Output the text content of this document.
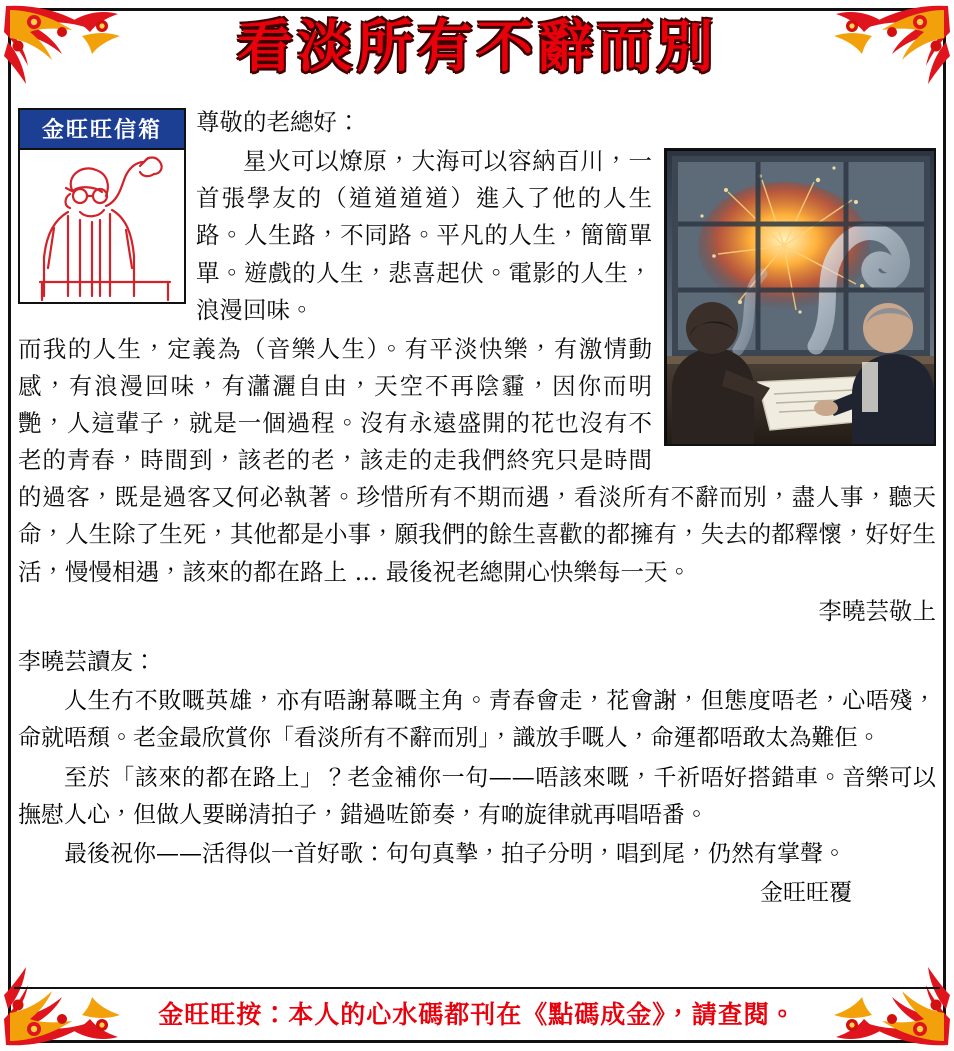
看淡所有不辭而別
金旺旺信箱	尊敬的老總好：

星火可以燎原，大海可以容納百川，一首張學友的（道道道道）進入了他的人生路。人生路，不同路。平凡的人生，簡簡單單。遊戲的人生，悲喜起伏。電影的人生，浪漫回味。

而我的人生，定義為（音樂人生）。有平淡快樂，有激情動感，有浪漫回味，有瀟灑自由，天空不再陰霾，因你而明艷，人這輩子，就是一個過程。沒有永遠盛開的花也沒有不老的青春，時間到，該老的老，該走的走我們終究只是時間的過客，既是過客又何必執著。珍惜所有不期而遇，看淡所有不辭而別，盡人事，聽天命，人生除了生死，其他都是小事，願我們的餘生喜歡的都擁有，失去的都釋懷，好好生活，慢慢相遇，該來的都在路上 … 最後祝老總開心快樂每一天。

李曉芸敬上

李曉芸讀友：

人生冇不敗嘅英雄，亦有唔謝幕嘅主角。青春會走，花會謝，但態度唔老，心唔殘，命就唔頹。老金最欣賞你「看淡所有不辭而別」，識放手嘅人，命運都唔敢太為難佢。

至於「該來的都在路上」？老金補你一句——唔該來嘅，千祈唔好搭錯車。音樂可以撫慰人心，但做人要睇清拍子，錯過咗節奏，有啲旋律就再唱唔番。

最後祝你——活得似一首好歌：句句真摯，拍子分明，唱到尾，仍然有掌聲。

金旺旺覆

金旺旺按：本人的心水碼都刊在《點碼成金》，請查閱。
